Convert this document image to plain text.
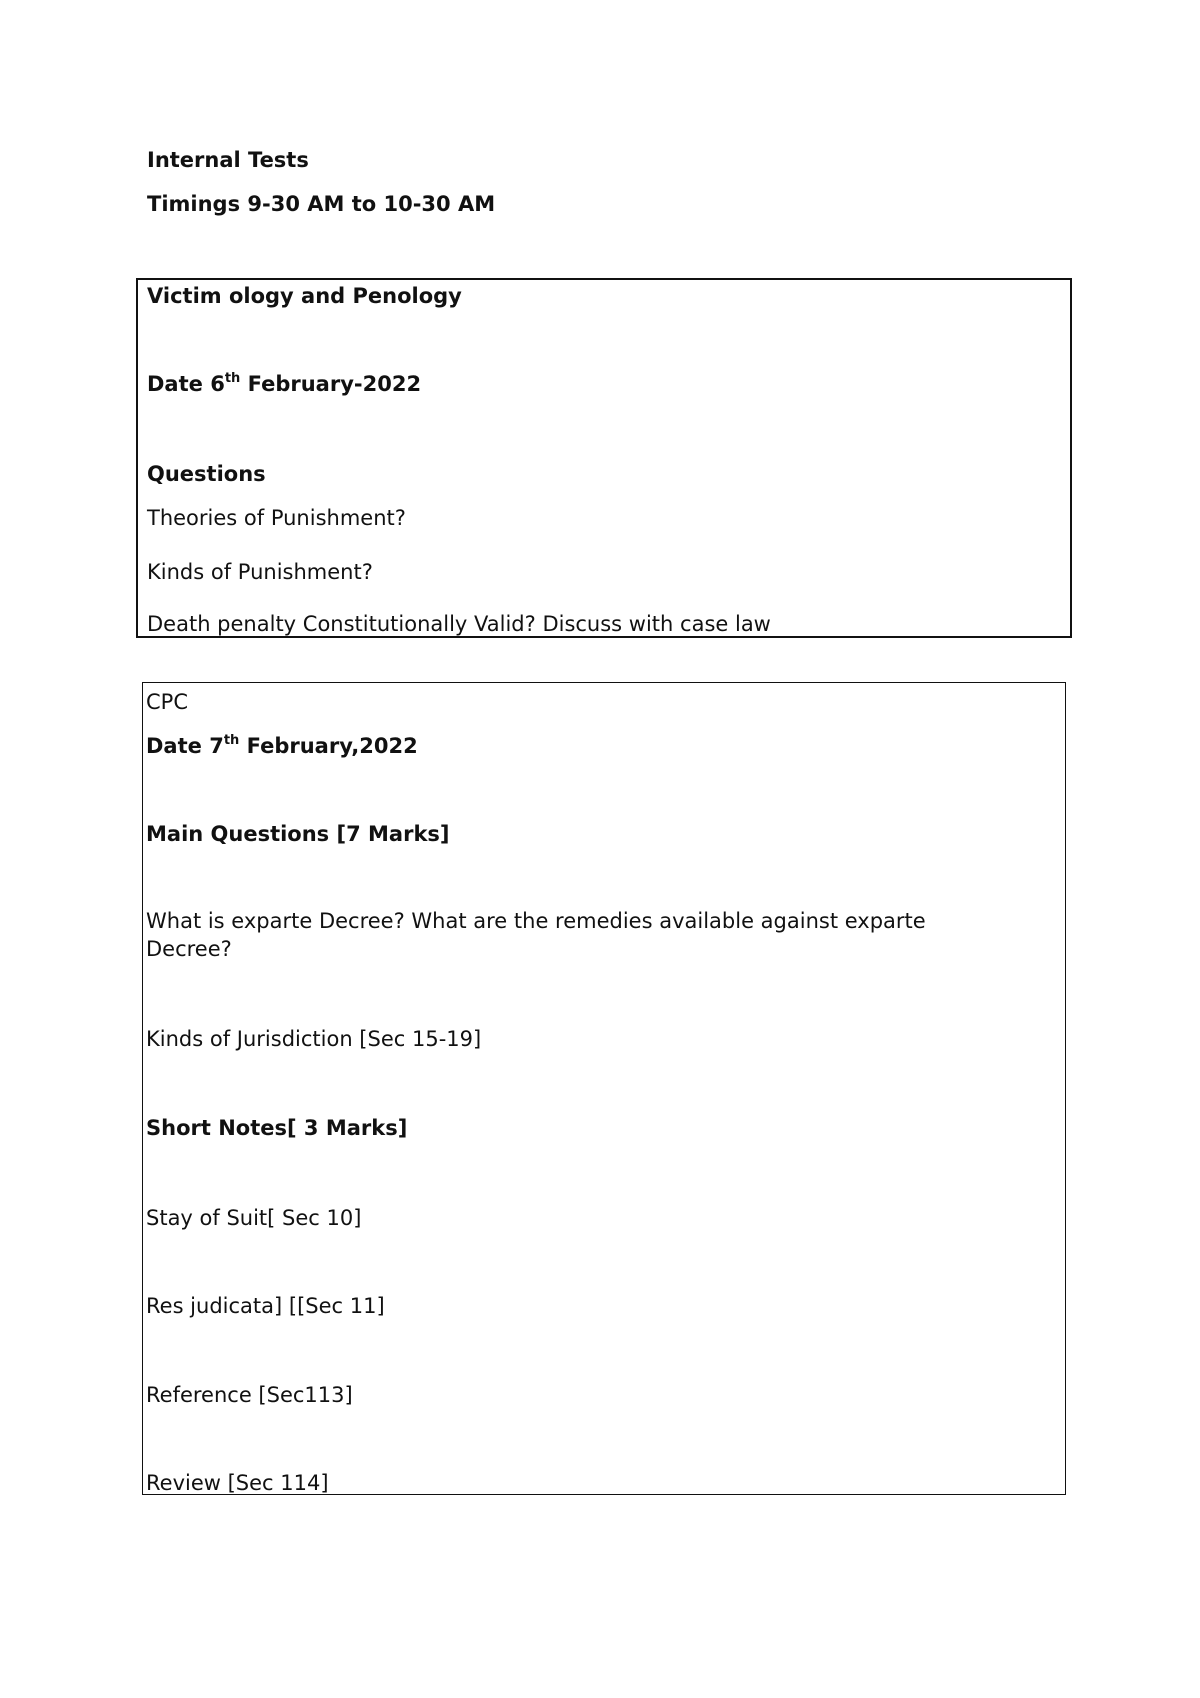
Internal Tests
Timings 9-30 AM to 10-30 AM
Victim ology and Penology
Date 6th February-2022
Questions
Theories of Punishment?
Kinds of Punishment?
Death penalty Constitutionally Valid? Discuss with case law
CPC
Date 7th February,2022
Main Questions [7 Marks]
What is exparte Decree? What are the remedies available against exparte Decree?
Kinds of Jurisdiction [Sec 15-19]
Short Notes[ 3 Marks]
Stay of Suit[ Sec 10]
Res judicata] [[Sec 11]
Reference [Sec113]
Review [Sec 114]
